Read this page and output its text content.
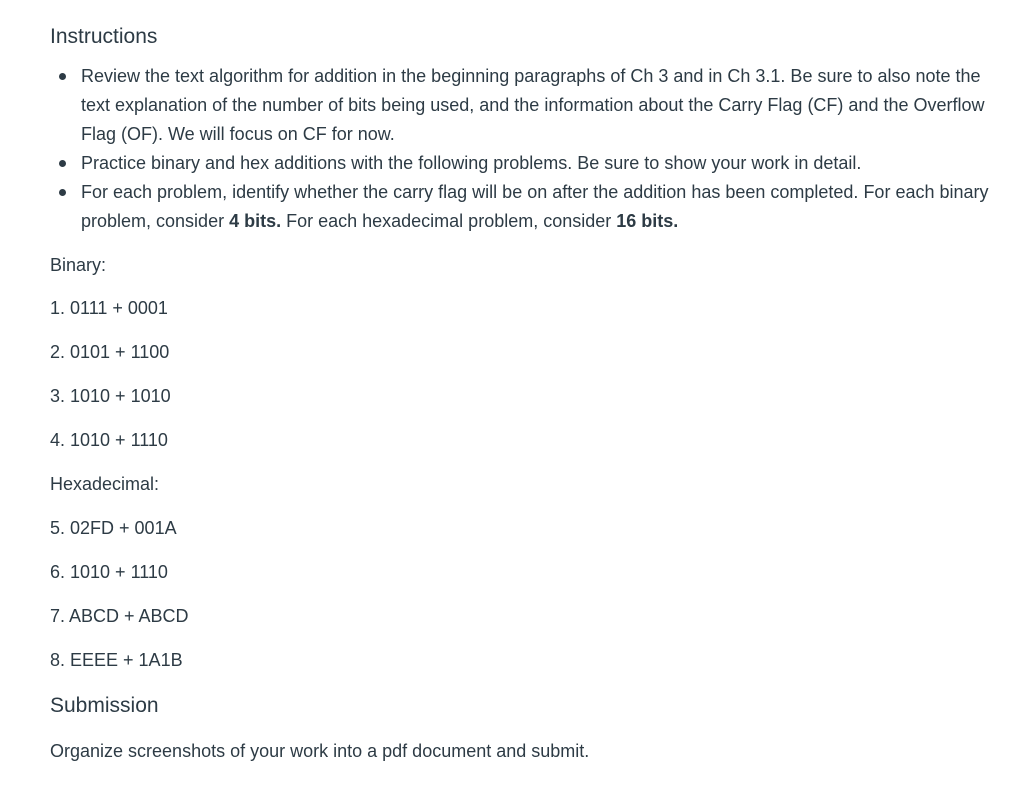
Instructions
Review the text algorithm for addition in the beginning paragraphs of Ch 3 and in Ch 3.1. Be sure to also note the text explanation of the number of bits being used, and the information about the Carry Flag (CF) and the Overflow Flag (OF). We will focus on CF for now.
Practice binary and hex additions with the following problems. Be sure to show your work in detail.
For each problem, identify whether the carry flag will be on after the addition has been completed. For each binary problem, consider 4 bits. For each hexadecimal problem, consider 16 bits.

Binary:

1. 0111 + 0001

2. 0101 + 1100

3. 1010 + 1010

4. 1010 + 1110

Hexadecimal:

5. 02FD + 001A

6. 1010 + 1110

7. ABCD + ABCD

8. EEEE + 1A1B

Submission

Organize screenshots of your work into a pdf document and submit.
